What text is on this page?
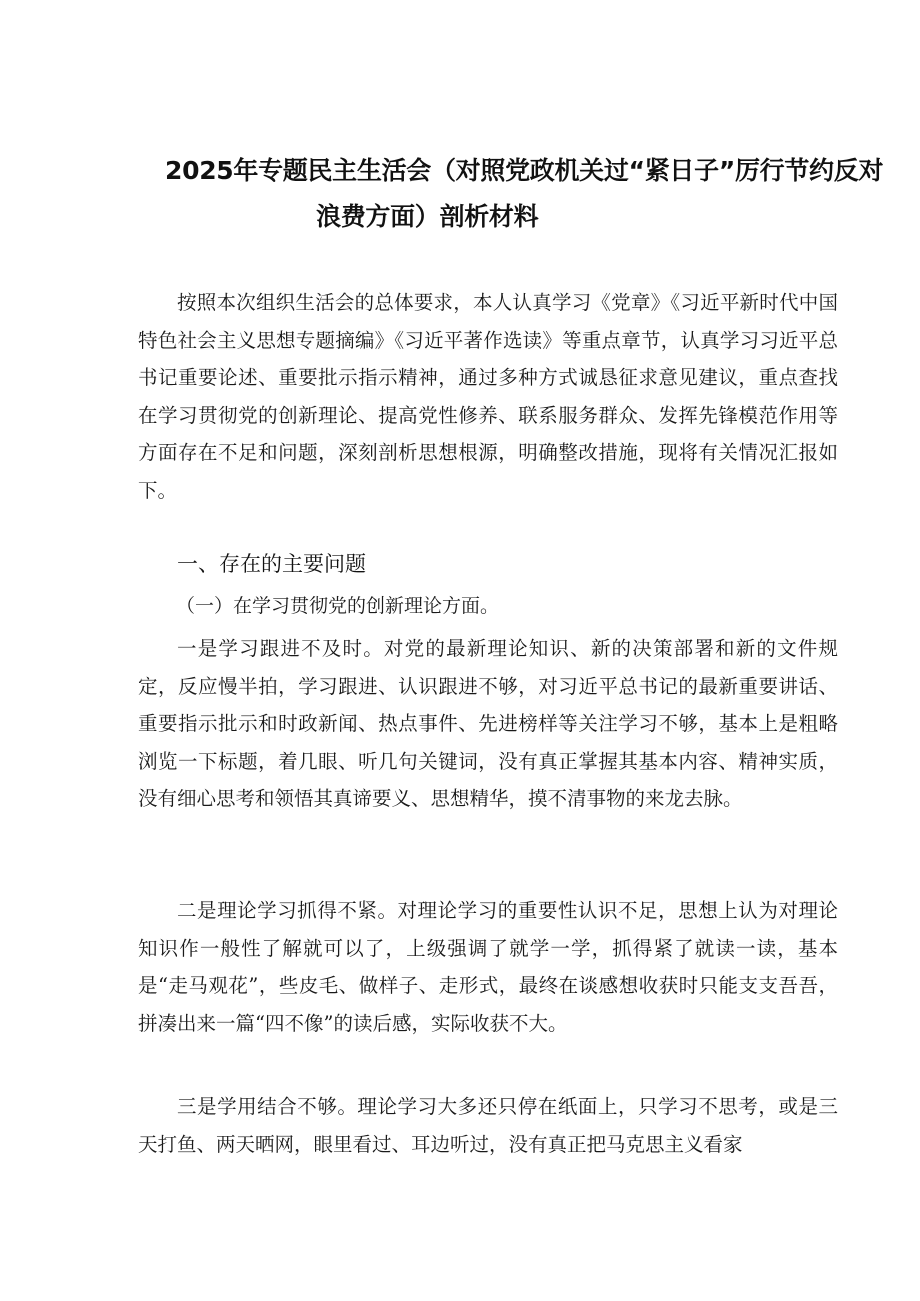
2025年专题民主生活会（对照党政机关过“紧日子”厉行节约反对
浪费方面）剖析材料

按照本次组织生活会的总体要求，本人认真学习《党章》《习近平新时代中国特色社会主义思想专题摘编》《习近平著作选读》等重点章节，认真学习习近平总书记重要论述、重要批示指示精神，通过多种方式诚恳征求意见建议，重点查找在学习贯彻党的创新理论、提高党性修养、联系服务群众、发挥先锋模范作用等方面存在不足和问题，深刻剖析思想根源，明确整改措施，现将有关情况汇报如下。

一、存在的主要问题
（一）在学习贯彻党的创新理论方面。

一是学习跟进不及时。对党的最新理论知识、新的决策部署和新的文件规定，反应慢半拍，学习跟进、认识跟进不够，对习近平总书记的最新重要讲话、重要指示批示和时政新闻、热点事件、先进榜样等关注学习不够，基本上是粗略浏览一下标题，着几眼、听几句关键词，没有真正掌握其基本内容、精神实质，没有细心思考和领悟其真谛要义、思想精华，摸不清事物的来龙去脉。

二是理论学习抓得不紧。对理论学习的重要性认识不足，思想上认为对理论知识作一般性了解就可以了，上级强调了就学一学，抓得紧了就读一读，基本是“走马观花”，些皮毛、做样子、走形式，最终在谈感想收获时只能支支吾吾，拼凑出来一篇“四不像”的读后感，实际收获不大。

三是学用结合不够。理论学习大多还只停在纸面上，只学习不思考，或是三天打鱼、两天晒网，眼里看过、耳边听过，没有真正把马克思主义看家
